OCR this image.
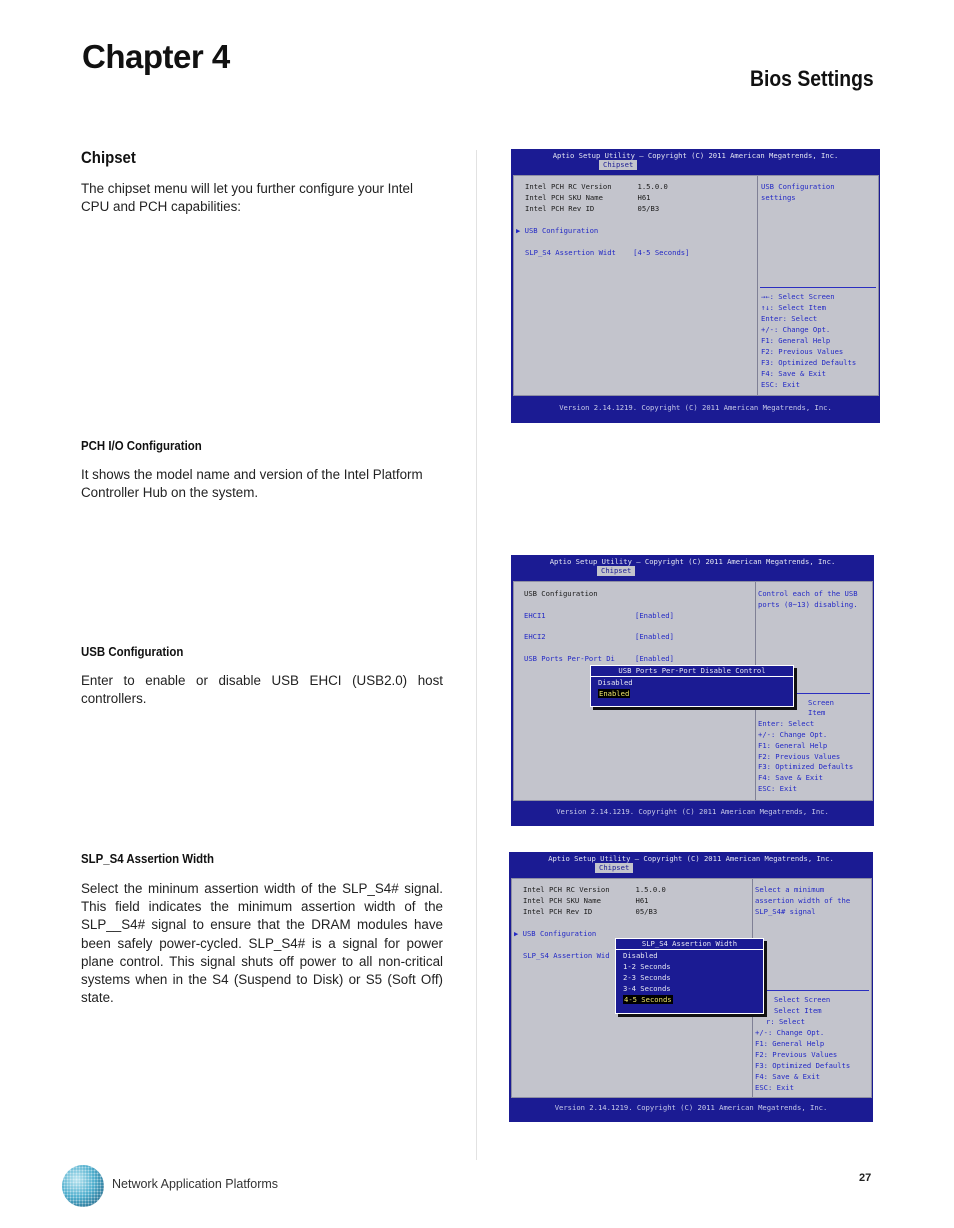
Chapter 4
Bios Settings
Chipset
The chipset menu will let you further configure your Intel CPU and PCH capabilities:
PCH I/O Configuration
It shows the model name and version of the Intel Platform Controller Hub on the system.
USB Configuration
Enter to enable or disable USB EHCI (USB2.0) host controllers.
SLP_S4 Assertion Width
Select the mininum assertion width of the SLP_S4# signal. This field indicates the minimum assertion width of the SLP__S4# signal to ensure that the DRAM modules have been safely power-cycled. SLP_S4# is a signal for power plane control. This signal shuts off power to all non-critical systems when in the S4 (Suspend to Disk) or S5 (Soft Off) state.
Aptio Setup Utility – Copyright (C) 2011 American Megatrends, Inc.
Chipset
Intel PCH RC Version      1.5.0.0
Intel PCH SKU Name        H61
Intel PCH Rev ID          05/B3
▶ USB Configuration
SLP_S4 Assertion Widt    [4-5 Seconds]
USB Configuration
settings
→←: Select Screen
↑↓: Select Item
Enter: Select
+/-: Change Opt.
F1: General Help
F2: Previous Values
F3: Optimized Defaults
F4: Save & Exit
ESC: Exit
Version 2.14.1219. Copyright (C) 2011 American Megatrends, Inc.
Aptio Setup Utility – Copyright (C) 2011 American Megatrends, Inc.
Chipset
USB Configuration
EHCI1	[Enabled]
EHCI2	[Enabled]
USB Ports Per-Port Di	[Enabled]
Control each of the USB
ports (0~13) disabling.
Screen
Item
Enter: Select
+/-: Change Opt.
F1: General Help
F2: Previous Values
F3: Optimized Defaults
F4: Save & Exit
ESC: Exit
USB Ports Per-Port Disable Control
Disabled
Enabled
Version 2.14.1219. Copyright (C) 2011 American Megatrends, Inc.
Aptio Setup Utility – Copyright (C) 2011 American Megatrends, Inc.
Chipset
Intel PCH RC Version      1.5.0.0
Intel PCH SKU Name        H61
Intel PCH Rev ID          05/B3
▶ USB Configuration
SLP_S4 Assertion Wid
Select a minimum
assertion width of the
SLP_S4# signal
Select Screen
Select Item
r: Select
+/-: Change Opt.
F1: General Help
F2: Previous Values
F3: Optimized Defaults
F4: Save & Exit
ESC: Exit
SLP_S4 Assertion Width
Disabled
1-2 Seconds
2-3 Seconds
3-4 Seconds
4-5 Seconds
Version 2.14.1219. Copyright (C) 2011 American Megatrends, Inc.
Network Application Platforms	27
